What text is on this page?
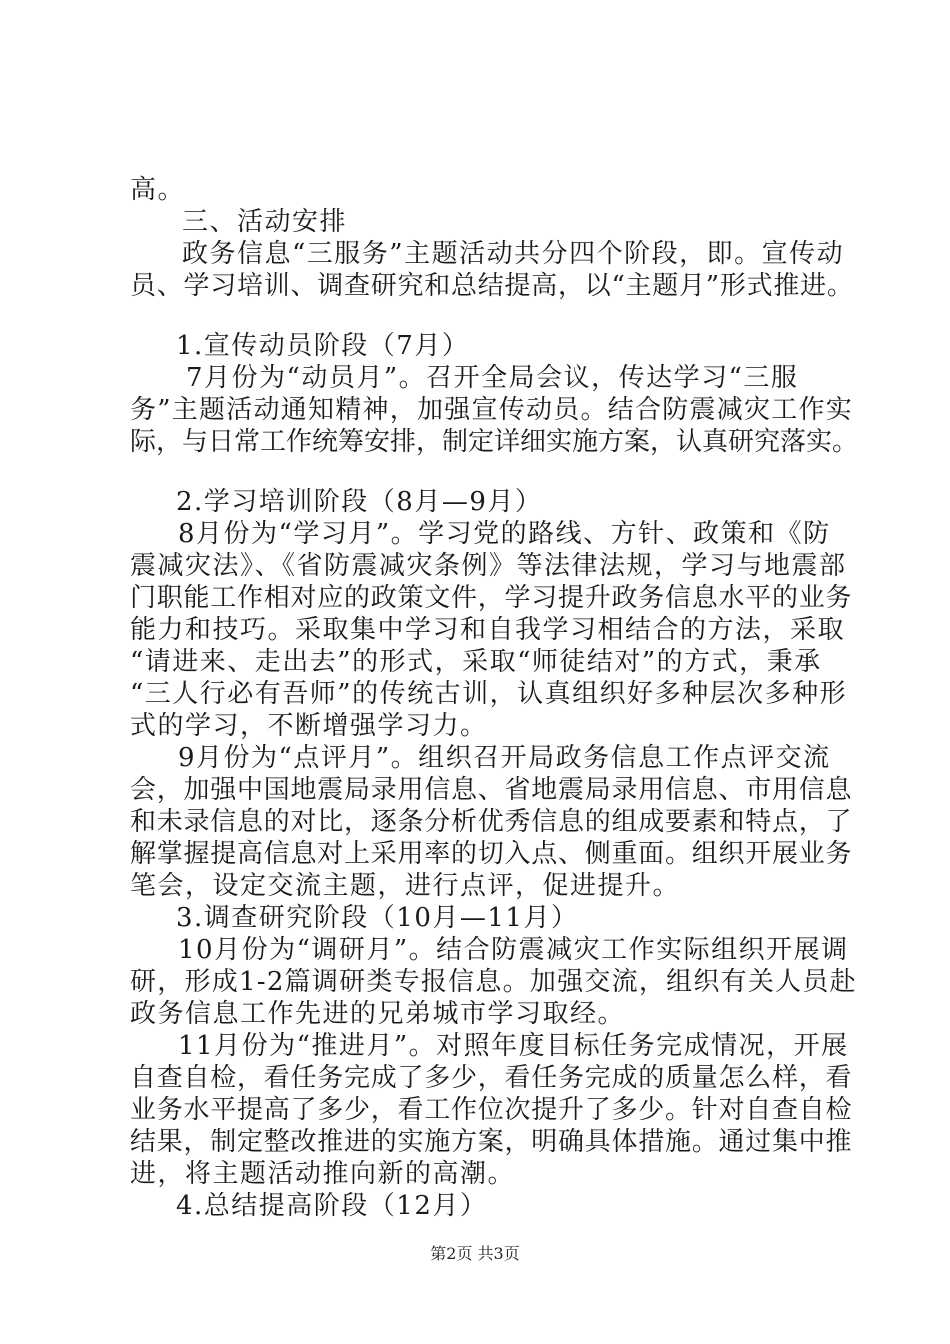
高。
三、活动安排
政务信息“三服务”主题活动共分四个阶段，即。宣传动
员、学习培训、调查研究和总结提高，以“主题月”形式推进。
1.宣传动员阶段（7月）
7月份为“动员月”。召开全局会议，传达学习“三服
务”主题活动通知精神，加强宣传动员。结合防震减灾工作实
际，与日常工作统筹安排，制定详细实施方案，认真研究落实。
2.学习培训阶段（8月—9月）
8月份为“学习月”。学习党的路线、方针、政策和《防
震减灾法》、《省防震减灾条例》等法律法规，学习与地震部
门职能工作相对应的政策文件，学习提升政务信息水平的业务
能力和技巧。采取集中学习和自我学习相结合的方法，采取
“请进来、走出去”的形式，采取“师徒结对”的方式，秉承
“三人行必有吾师”的传统古训，认真组织好多种层次多种形
式的学习，不断增强学习力。
9月份为“点评月”。组织召开局政务信息工作点评交流
会，加强中国地震局录用信息、省地震局录用信息、市用信息
和未录信息的对比，逐条分析优秀信息的组成要素和特点，了
解掌握提高信息对上采用率的切入点、侧重面。组织开展业务
笔会，设定交流主题，进行点评，促进提升。
3.调查研究阶段（10月—11月）
10月份为“调研月”。结合防震减灾工作实际组织开展调
研，形成1-2篇调研类专报信息。加强交流，组织有关人员赴
政务信息工作先进的兄弟城市学习取经。
11月份为“推进月”。对照年度目标任务完成情况，开展
自查自检，看任务完成了多少，看任务完成的质量怎么样，看
业务水平提高了多少，看工作位次提升了多少。针对自查自检
结果，制定整改推进的实施方案，明确具体措施。通过集中推
进，将主题活动推向新的高潮。
4.总结提高阶段（12月）
第2页 共3页
